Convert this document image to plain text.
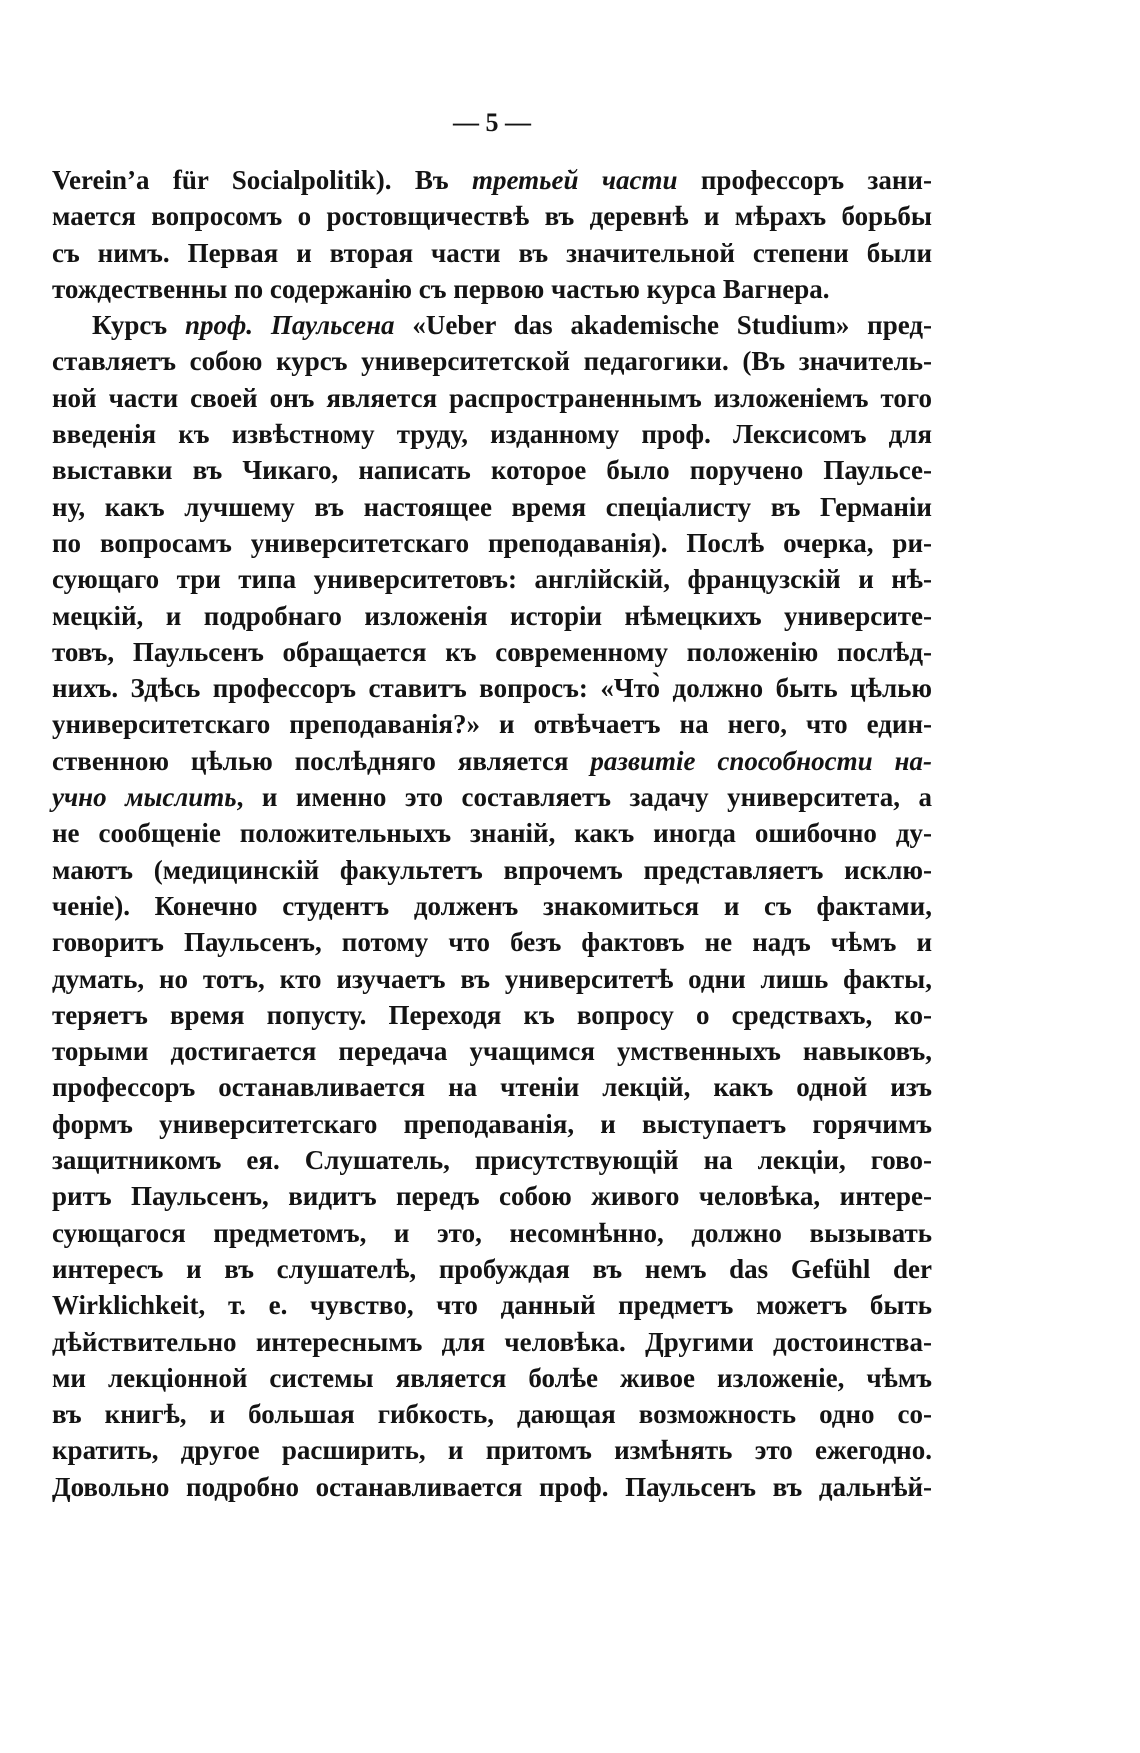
— 5 —
Verein’a für Socialpolitik). Въ третьей части профессоръ зани-
мается вопросомъ о ростовщичествѣ въ деревнѣ и мѣрахъ борьбы
съ нимъ. Первая и вторая части въ значительной степени были
тождественны по содержанію съ первою частью курса Вагнера.
Курсъ проф. Паульсена «Ueber das akademische Studium» пред-
ставляетъ собою курсъ университетской педагогики. (Въ значитель-
ной части своей онъ является распространеннымъ изложеніемъ того
введенія къ извѣстному труду, изданному проф. Лексисомъ для
выставки въ Чикаго, написать которое было поручено Паульсе-
ну, какъ лучшему въ настоящее время спеціалисту въ Германіи
по вопросамъ университетскаго преподаванія). Послѣ очерка, ри-
сующаго три типа университетовъ: англійскій, французскій и нѣ-
мецкій, и подробнаго изложенія исторіи нѣмецкихъ университе-
товъ, Паульсенъ обращается къ современному положенію послѣд-
нихъ. Здѣсь профессоръ ставитъ вопросъ: «Что̀ должно быть цѣлью
университетскаго преподаванія?» и отвѣчаетъ на него, что един-
ственною цѣлью послѣдняго является развитіе способности на-
учно мыслить, и именно это составляетъ задачу университета, а
не сообщеніе положительныхъ знаній, какъ иногда ошибочно ду-
маютъ (медицинскій факультетъ впрочемъ представляетъ исклю-
ченіе). Конечно студентъ долженъ знакомиться и съ фактами,
говоритъ Паульсенъ, потому что безъ фактовъ не надъ чѣмъ и
думать, но тотъ, кто изучаетъ въ университетѣ одни лишь факты,
теряетъ время попусту. Переходя къ вопросу о средствахъ, ко-
торыми достигается передача учащимся умственныхъ навыковъ,
профессоръ останавливается на чтеніи лекцій, какъ одной изъ
формъ университетскаго преподаванія, и выступаетъ горячимъ
защитникомъ ея. Слушатель, присутствующій на лекціи, гово-
ритъ Паульсенъ, видитъ передъ собою живого человѣка, интере-
сующагося предметомъ, и это, несомнѣнно, должно вызывать
интересъ и въ слушателѣ, пробуждая въ немъ das Gefühl der
Wirklichkeit, т. е. чувство, что данный предметъ можетъ быть
дѣйствительно интереснымъ для человѣка. Другими достоинства-
ми лекціонной системы является болѣе живое изложеніе, чѣмъ
въ книгѣ, и большая гибкость, дающая возможность одно со-
кратить, другое расширить, и притомъ измѣнять это ежегодно.
Довольно подробно останавливается проф. Паульсенъ въ дальнѣй-
